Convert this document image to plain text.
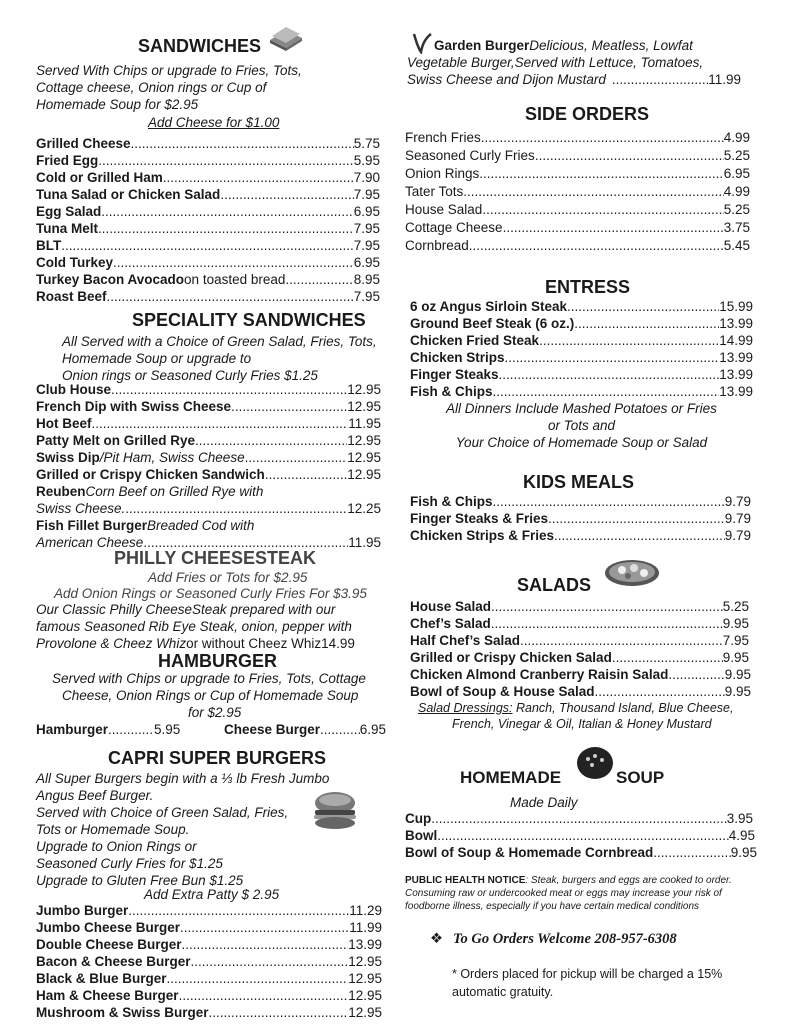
SANDWICHES
Served With Chips or upgrade to Fries, Tots,
Cottage cheese, Onion rings or Cup of
Homemade Soup for $2.95
Add Cheese for $1.00
Grilled Cheese .....	5.75
Fried Egg .....	5.95
Cold or Grilled Ham .....	7.90
Tuna Salad or Chicken Salad .....	7.95
Egg Salad .....	6.95
Tuna Melt .....	7.95
BLT .....	7.95
Cold Turkey .....	6.95
Turkey Bacon Avocado on toasted bread .....	8.95
Roast Beef .....	7.95
SPECIALITY SANDWICHES
All Served with a Choice of Green Salad, Fries, Tots,
Homemade Soup or upgrade to
Onion rings or Seasoned Curly Fries $1.25
Club House .....	12.95
French Dip with Swiss Cheese .....	12.95
Hot Beef .....	11.95
Patty Melt on Grilled Rye .....	12.95
Swiss Dip /Pit Ham, Swiss Cheese .....	12.95
Grilled or Crispy Chicken Sandwich .....	12.95
Reuben Corn Beef on Grilled Rye with
Swiss Cheese. .....	12.25
Fish Fillet Burger Breaded Cod with
American Cheese .....	11.95
PHILLY CHEESESTEAK
Add Fries or Tots for $2.95
Add Onion Rings or Seasoned Curly Fries For $3.95
Our Classic Philly CheeseSteak prepared with our
famous Seasoned Rib Eye Steak, onion, pepper with
Provolone & Cheez Whiz or without Cheez Whiz 14.99
HAMBURGER
Served with Chips or upgrade to Fries, Tots, Cottage
Cheese, Onion Rings or Cup of Homemade Soup
for $2.95
Hamburger .....	5.95	Cheese Burger .....	6.95
CAPRI SUPER BURGERS
All Super Burgers begin with a ⅓ lb Fresh Jumbo
Angus Beef Burger.
Served with Choice of Green Salad, Fries,
Tots or Homemade Soup.
Upgrade to Onion Rings or
Seasoned Curly Fries for $1.25
Upgrade to Gluten Free Bun $1.25
Add Extra Patty $ 2.95
Jumbo Burger .....	11.29
Jumbo Cheese Burger .....	11.99
Double Cheese Burger .....	13.99
Bacon & Cheese Burger .....	12.95
Black & Blue Burger .....	12.95
Ham & Cheese Burger .....	12.95
Mushroom & Swiss Burger .....	12.95
Garden Burger Delicious, Meatless, Lowfat
Vegetable Burger,Served with Lettuce, Tomatoes,
Swiss Cheese and Dijon Mustard .....	11.99
SIDE ORDERS
French Fries .....	4.99
Seasoned Curly Fries .....	5.25
Onion Rings .....	6.95
Tater Tots .....	4.99
House Salad .....	5.25
Cottage Cheese .....	3.75
Cornbread .....	5.45
ENTRESS
6 oz Angus Sirloin Steak .....	15.99
Ground Beef Steak (6 oz.) .....	13.99
Chicken Fried Steak .....	14.99
Chicken Strips .....	13.99
Finger Steaks .....	13.99
Fish & Chips .....	13.99
All Dinners Include Mashed Potatoes or Fries
or Tots and
Your Choice of Homemade Soup or Salad
KIDS MEALS
Fish & Chips .....	9.79
Finger Steaks & Fries .....	9.79
Chicken Strips & Fries .....	9.79
SALADS
House Salad .....	5.25
Chef’s Salad .....	9.95
Half Chef’s Salad .....	7.95
Grilled or Crispy Chicken Salad .....	9.95
Chicken Almond Cranberry Raisin Salad .....	9.95
Bowl of Soup & House Salad .....	9.95
Salad Dressings: Ranch, Thousand Island, Blue Cheese,
French, Vinegar & Oil, Italian & Honey Mustard
HOMEMADE	SOUP
Made Daily
Cup .....	3.95
Bowl .....	4.95
Bowl of Soup & Homemade Cornbread .....	9.95
PUBLIC HEALTH NOTICE: Steak, burgers and eggs are cooked to order.
Consuming raw or undercooked meat or eggs may increase your risk of
foodborne illness, especially if you have certain medical conditions
❖ To Go Orders Welcome 208-957-6308
* Orders placed for pickup will be charged a 15%
automatic gratuity.
